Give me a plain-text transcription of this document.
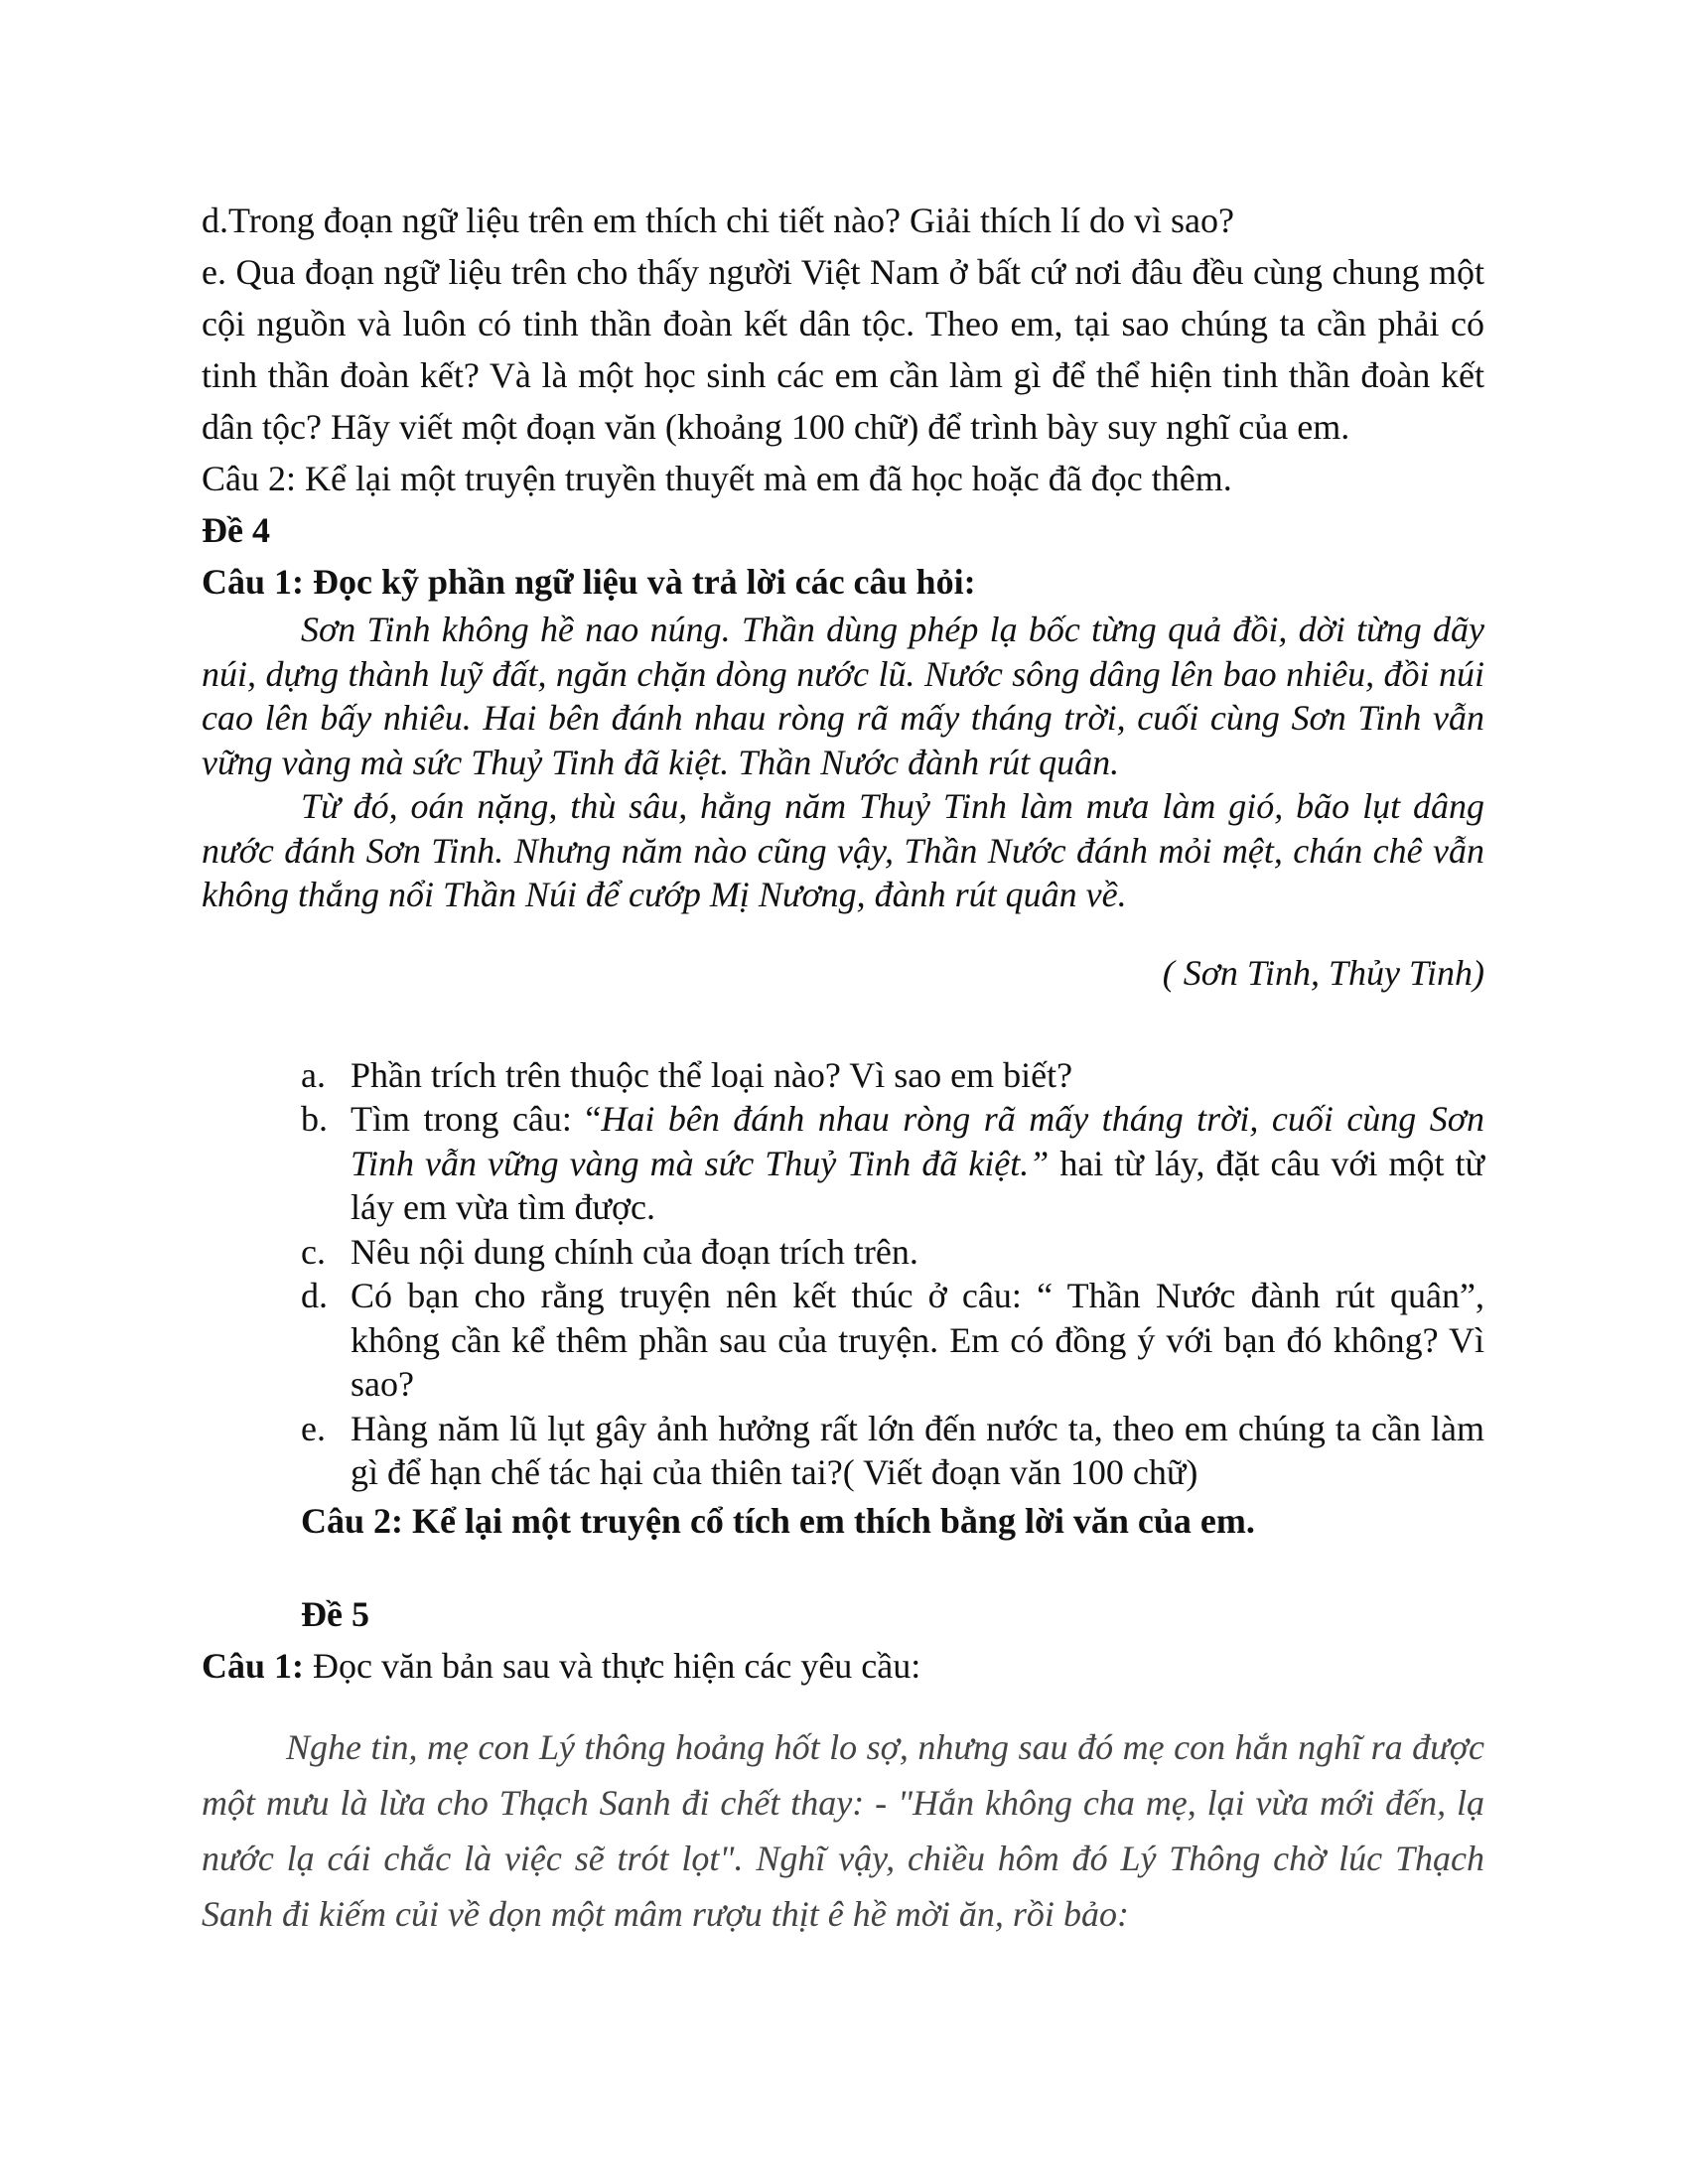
d.Trong đoạn ngữ liệu trên em thích chi tiết nào? Giải thích lí do vì sao?

e. Qua đoạn ngữ liệu trên cho thấy người Việt Nam ở bất cứ nơi đâu đều cùng chung một cội nguồn và luôn có tinh thần đoàn kết dân tộc. Theo em, tại sao chúng ta cần phải có tinh thần đoàn kết? Và là một học sinh các em cần làm gì để thể hiện tinh thần đoàn kết dân tộc? Hãy viết một đoạn văn (khoảng 100 chữ) để trình bày suy nghĩ của em.

Câu 2: Kể lại một truyện truyền thuyết mà em đã học hoặc đã đọc thêm.

Đề 4

Câu 1: Đọc kỹ phần ngữ liệu và trả lời các câu hỏi:

Sơn Tinh không hề nao núng. Thần dùng phép lạ bốc từng quả đồi, dời từng dãy núi, dựng thành luỹ đất, ngăn chặn dòng nước lũ. Nước sông dâng lên bao nhiêu, đồi núi cao lên bấy nhiêu. Hai bên đánh nhau ròng rã mấy tháng trời, cuối cùng Sơn Tinh vẫn vững vàng mà sức Thuỷ Tinh đã kiệt. Thần Nước đành rút quân.

Từ đó, oán nặng, thù sâu, hằng năm Thuỷ Tinh làm mưa làm gió, bão lụt dâng nước đánh Sơn Tinh. Nhưng năm nào cũng vậy, Thần Nước đánh mỏi mệt, chán chê vẫn không thắng nổi Thần Núi để cướp Mị Nương, đành rút quân về.

( Sơn Tinh, Thủy Tinh)

a. Phần trích trên thuộc thể loại nào? Vì sao em biết?
b. Tìm trong câu: “Hai bên đánh nhau ròng rã mấy tháng trời, cuối cùng Sơn Tinh vẫn vững vàng mà sức Thuỷ Tinh đã kiệt.” hai từ láy, đặt câu với một từ láy em vừa tìm được.
c. Nêu nội dung chính của đoạn trích trên.
d. Có bạn cho rằng truyện nên kết thúc ở câu: “ Thần Nước đành rút quân”, không cần kể thêm phần sau của truyện. Em có đồng ý với bạn đó không? Vì sao?
e. Hàng năm lũ lụt gây ảnh hưởng rất lớn đến nước ta, theo em chúng ta cần làm gì để hạn chế tác hại của thiên tai?( Viết đoạn văn 100 chữ)

Câu 2: Kể lại một truyện cổ tích em thích bằng lời văn của em.

Đề 5

Câu 1: Đọc văn bản sau và thực hiện các yêu cầu:

Nghe tin, mẹ con Lý thông hoảng hốt lo sợ, nhưng sau đó mẹ con hắn nghĩ ra được một mưu là lừa cho Thạch Sanh đi chết thay: - "Hắn không cha mẹ, lại vừa mới đến, lạ nước lạ cái chắc là việc sẽ trót lọt". Nghĩ vậy, chiều hôm đó Lý Thông chờ lúc Thạch Sanh đi kiếm củi về dọn một mâm rượu thịt ê hề mời ăn, rồi bảo:
